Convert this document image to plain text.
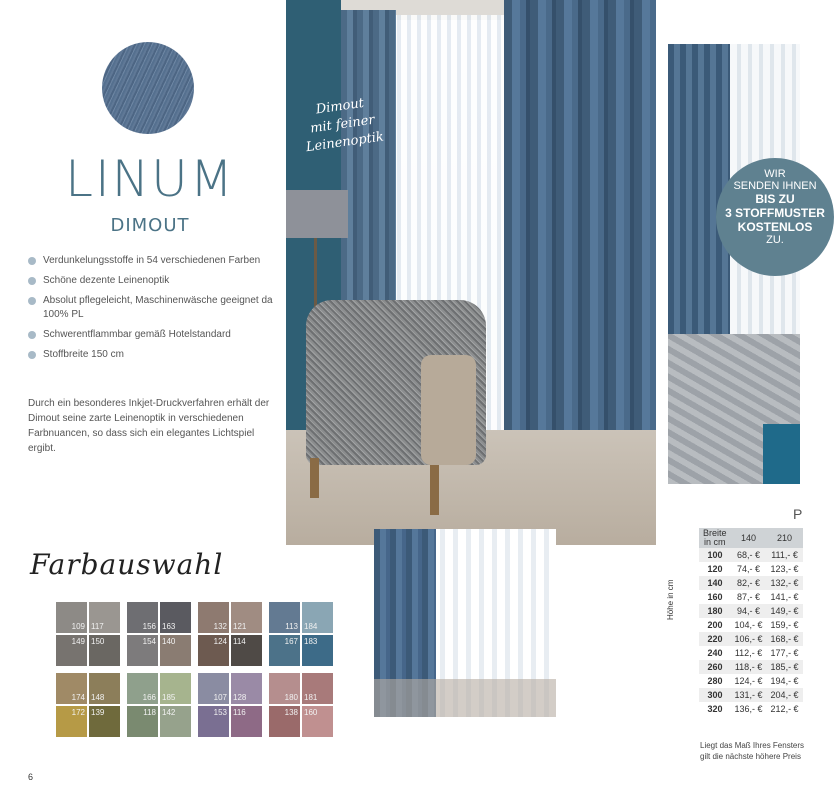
LINUM
DIMOUT
Verdunkelungsstoffe in 54 verschiedenen Farben
Schöne dezente Leinenoptik
Absolut pflegeleicht, Maschinenwäsche geeignet da 100% PL
Schwerentflammbar gemäß Hotelstandard
Stoffbreite 150 cm

Durch ein besonderes Inkjet-Druckverfahren erhält der Dimout seine zarte Leinenoptik in verschiedenen Farbnuancen, so dass sich ein elegantes Lichtspiel ergibt.

Farbauswahl
109 117
149 150
156 163
154 140
132 121
124 114
113 184
167 183
174 148
172 139
166 185
118 142
107 128
153 116
180 181
138 160
6
Dimout
mit feiner
Leinenoptik
WIR
SENDEN IHNEN
BIS ZU
3 STOFFMUSTER
KOSTENLOS
ZU.
P
Höhe in cm
Breite in cm	140	210
100	68,- €	111,- €
120	74,- €	123,- €
140	82,- €	132,- €
160	87,- €	141,- €
180	94,- €	149,- €
200	104,- €	159,- €
220	106,- €	168,- €
240	112,- €	177,- €
260	118,- €	185,- €
280	124,- €	194,- €
300	131,- €	204,- €
320	136,- €	212,- €
Liegt das Maß Ihres Fensters gilt die nächste höhere Preis
